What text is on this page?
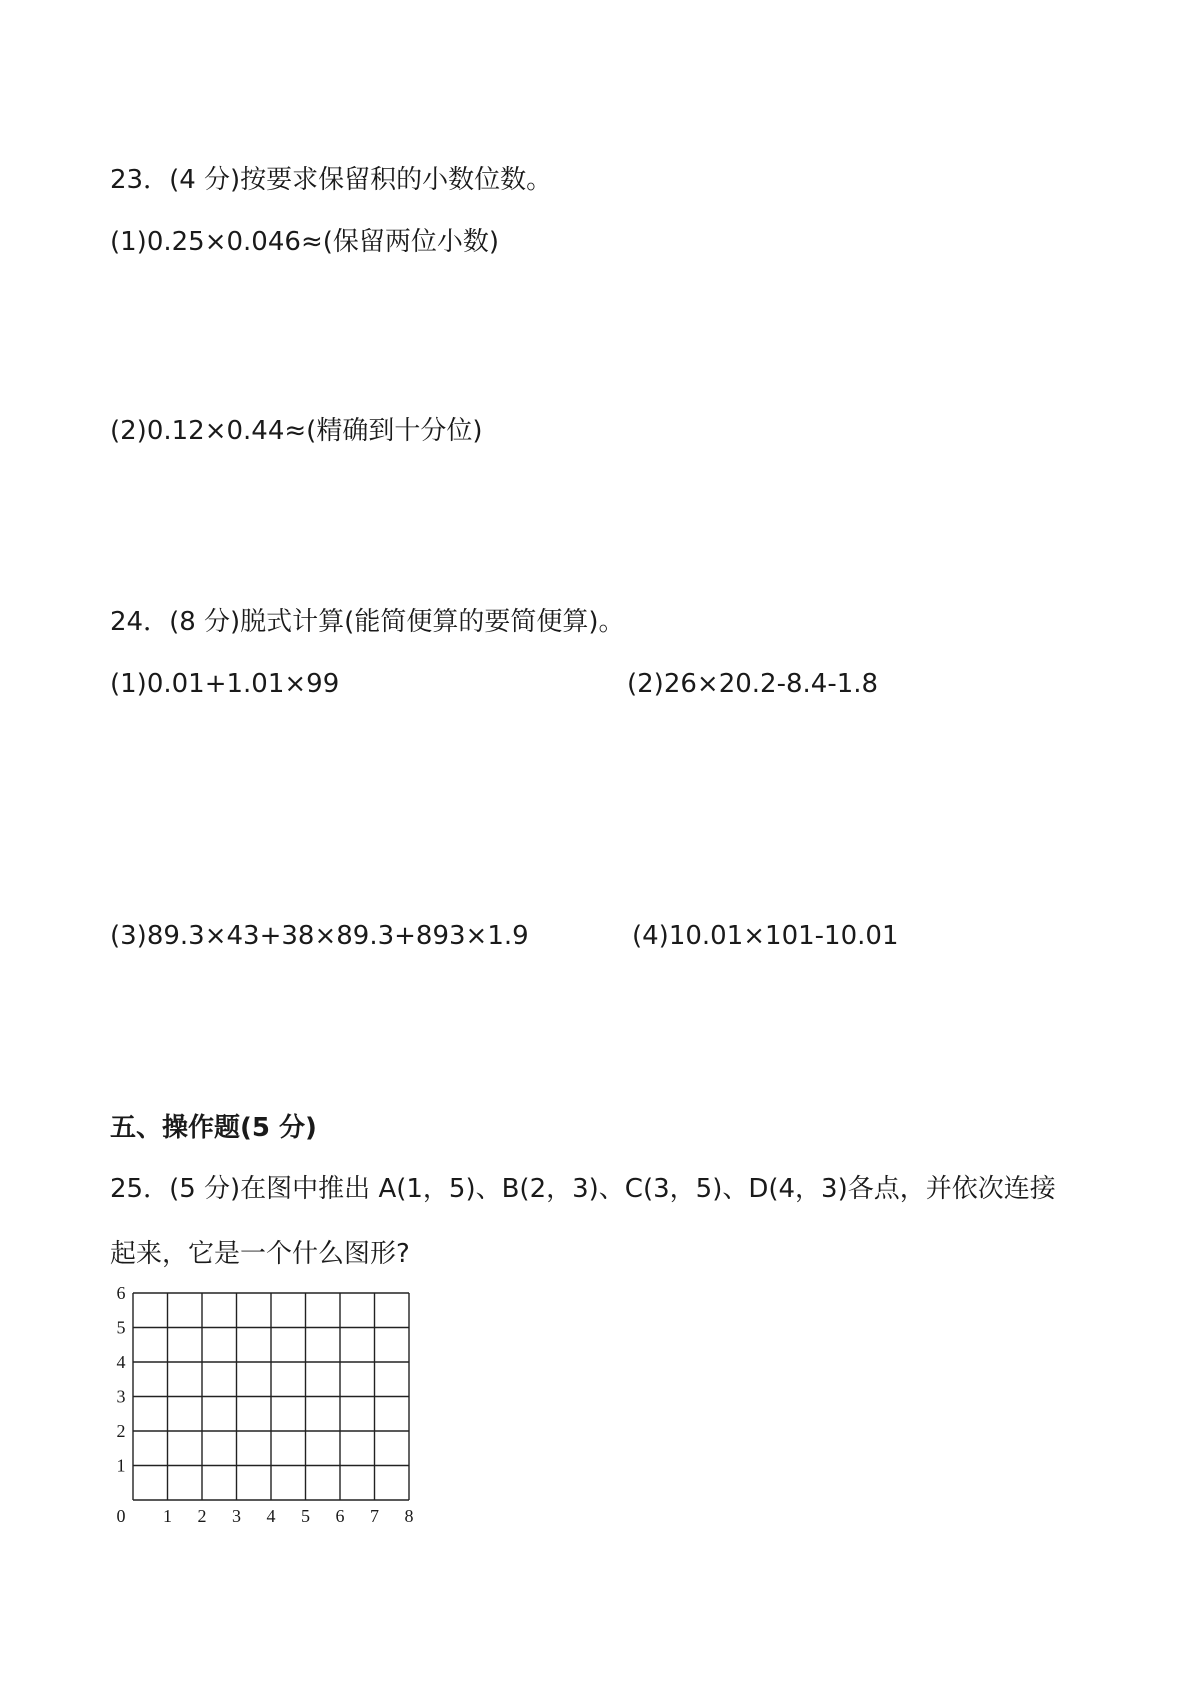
23．(4 分)按要求保留积的小数位数。
(1)0.25×0.046≈(保留两位小数)
(2)0.12×0.44≈(精确到十分位)
24．(8 分)脱式计算(能简便算的要简便算)。
(1)0.01+1.01×99	(2)26×20.2-8.4-1.8
(3)89.3×43+38×89.3+893×1.9	(4)10.01×101-10.01
五、操作题(5 分)
25．(5 分)在图中推出 A(1，5)、B(2，3)、C(3，5)、D(4，3)各点，并依次连接
起来，它是一个什么图形?
0 1 2 3 4 5 6 7 8
1
2
3
4
5
6
